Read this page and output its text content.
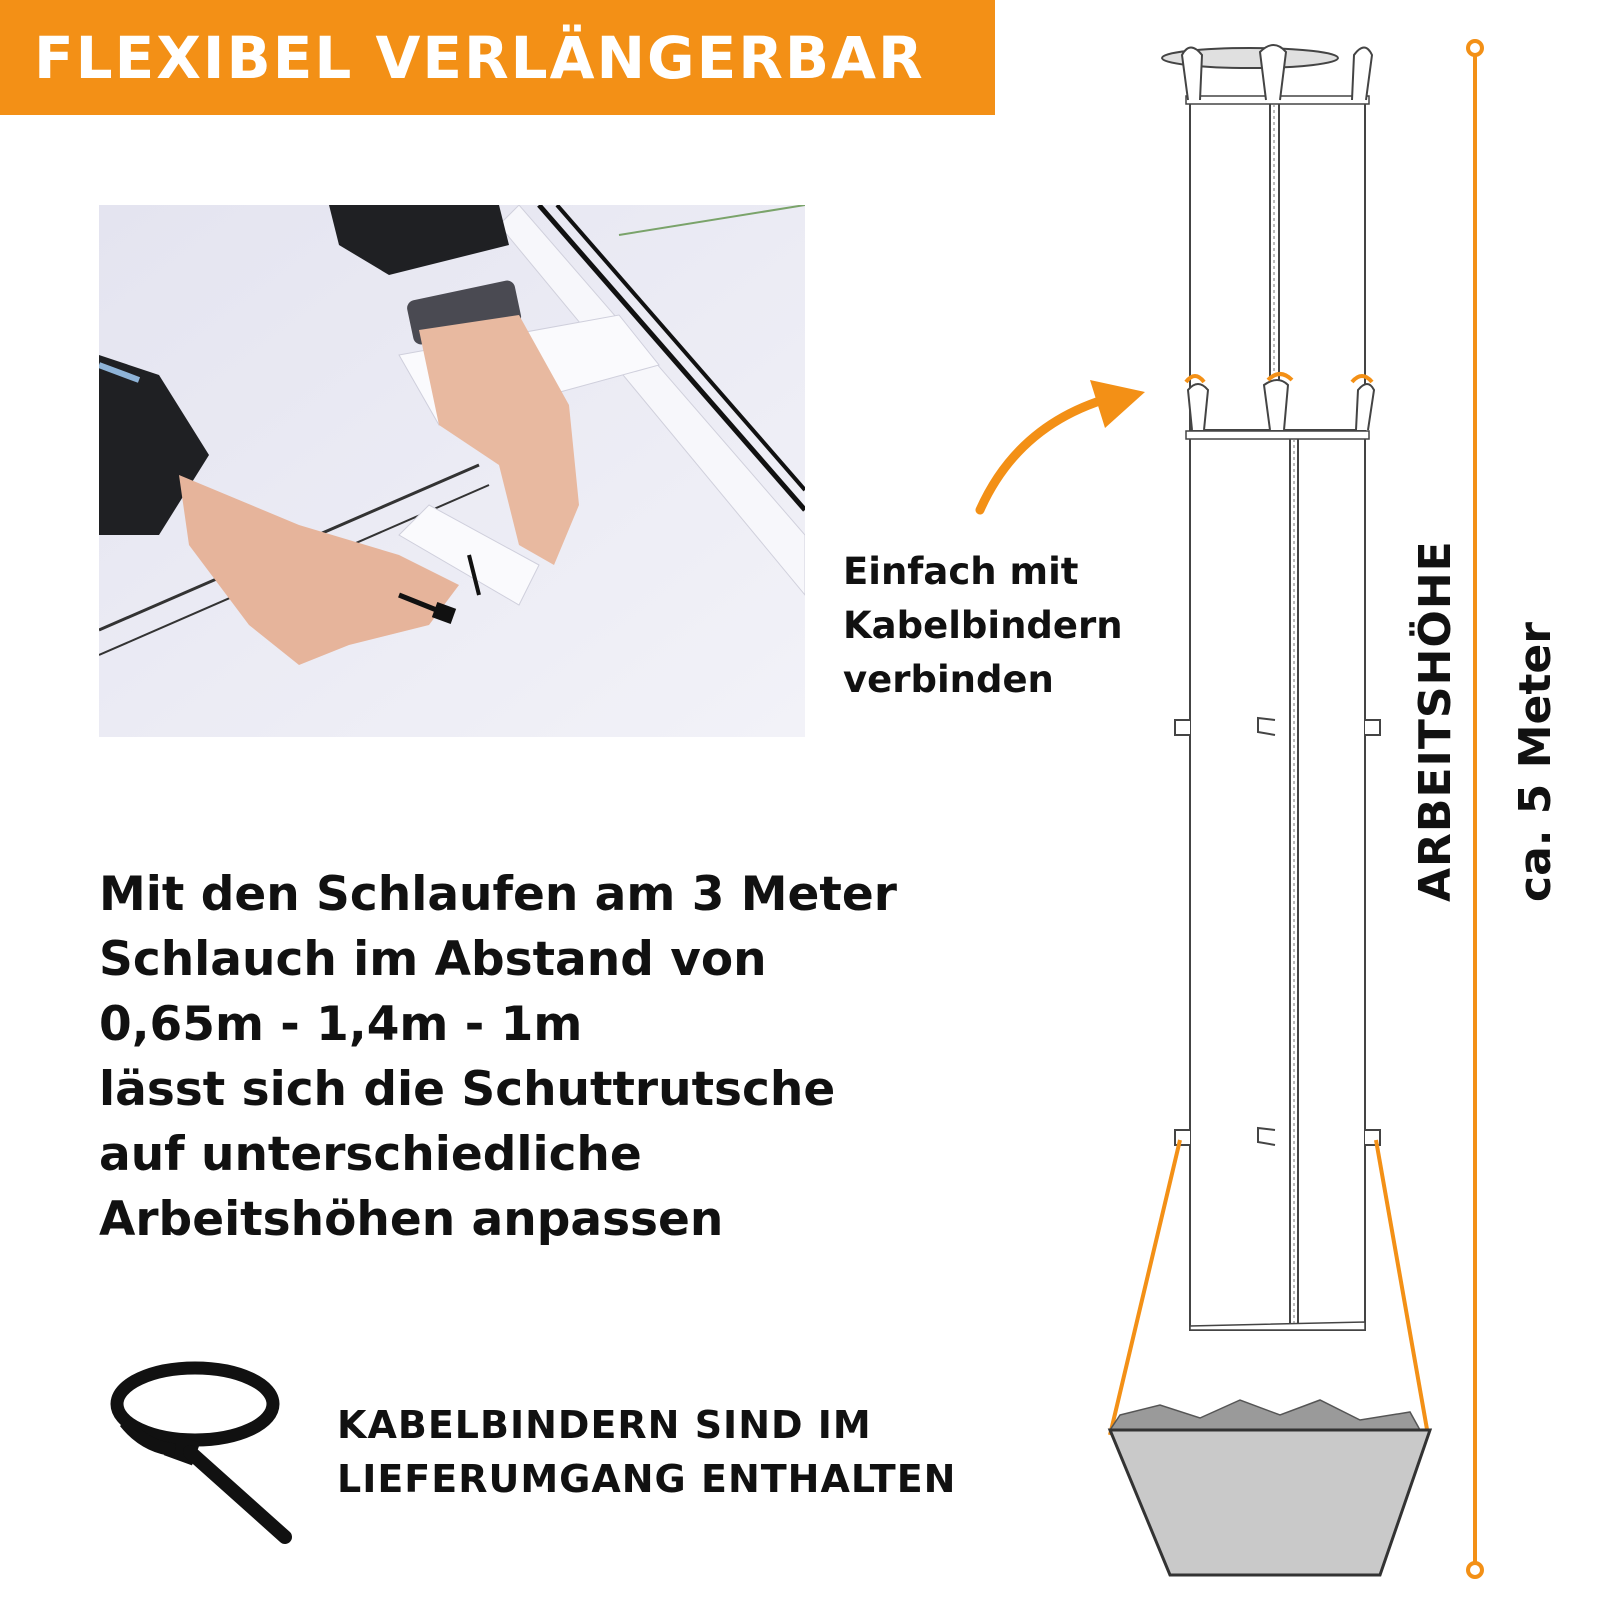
FLEXIBEL VERLÄNGERBAR
Einfach mit
Kabelbindern
verbinden
Mit den Schlaufen am 3 Meter
Schlauch im Abstand von
0,65m - 1,4m - 1m
lässt sich die Schuttrutsche
auf unterschiedliche
Arbeitshöhen anpassen
KABELBINDERN SIND IM
LIEFERUMGANG ENTHALTEN
ARBEITSHÖHE ca. 5 Meter
